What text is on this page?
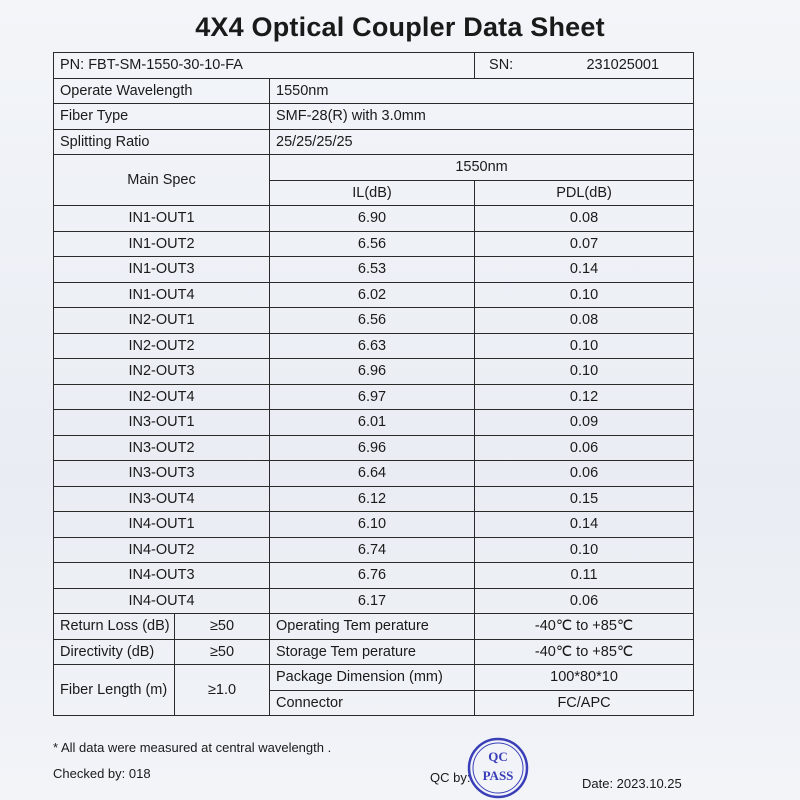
4X4 Optical Coupler Data Sheet
PN: FBT-SM-1550-30-10-FA			SN: 231025001

Operate Wavelength		1550nm	
Fiber Type		SMF-28(R) with 3.0mm	
Splitting Ratio		25/25/25/25	
Main Spec		1550nm	
		IL(dB)	PDL(dB)
IN1-OUT1		6.90	0.08
IN1-OUT2		6.56	0.07
IN1-OUT3		6.53	0.14
IN1-OUT4		6.02	0.10
IN2-OUT1		6.56	0.08
IN2-OUT2		6.63	0.10
IN2-OUT3		6.96	0.10
IN2-OUT4		6.97	0.12
IN3-OUT1		6.01	0.09
IN3-OUT2		6.96	0.06
IN3-OUT3		6.64	0.06
IN3-OUT4		6.12	0.15
IN4-OUT1		6.10	0.14
IN4-OUT2		6.74	0.10
IN4-OUT3		6.76	0.11
IN4-OUT4		6.17	0.06
Return Loss (dB)	≥50	Operating Tem perature	-40℃ to +85℃
Directivity (dB)	≥50	Storage Tem perature	-40℃ to +85℃
Fiber Length (m)	≥1.0	Package Dimension (mm)	100*80*10
		Connector	FC/APC
* All data were measured at central wavelength .
Checked by: 018	QC by:	Date: 2023.10.25
QC
PASS
